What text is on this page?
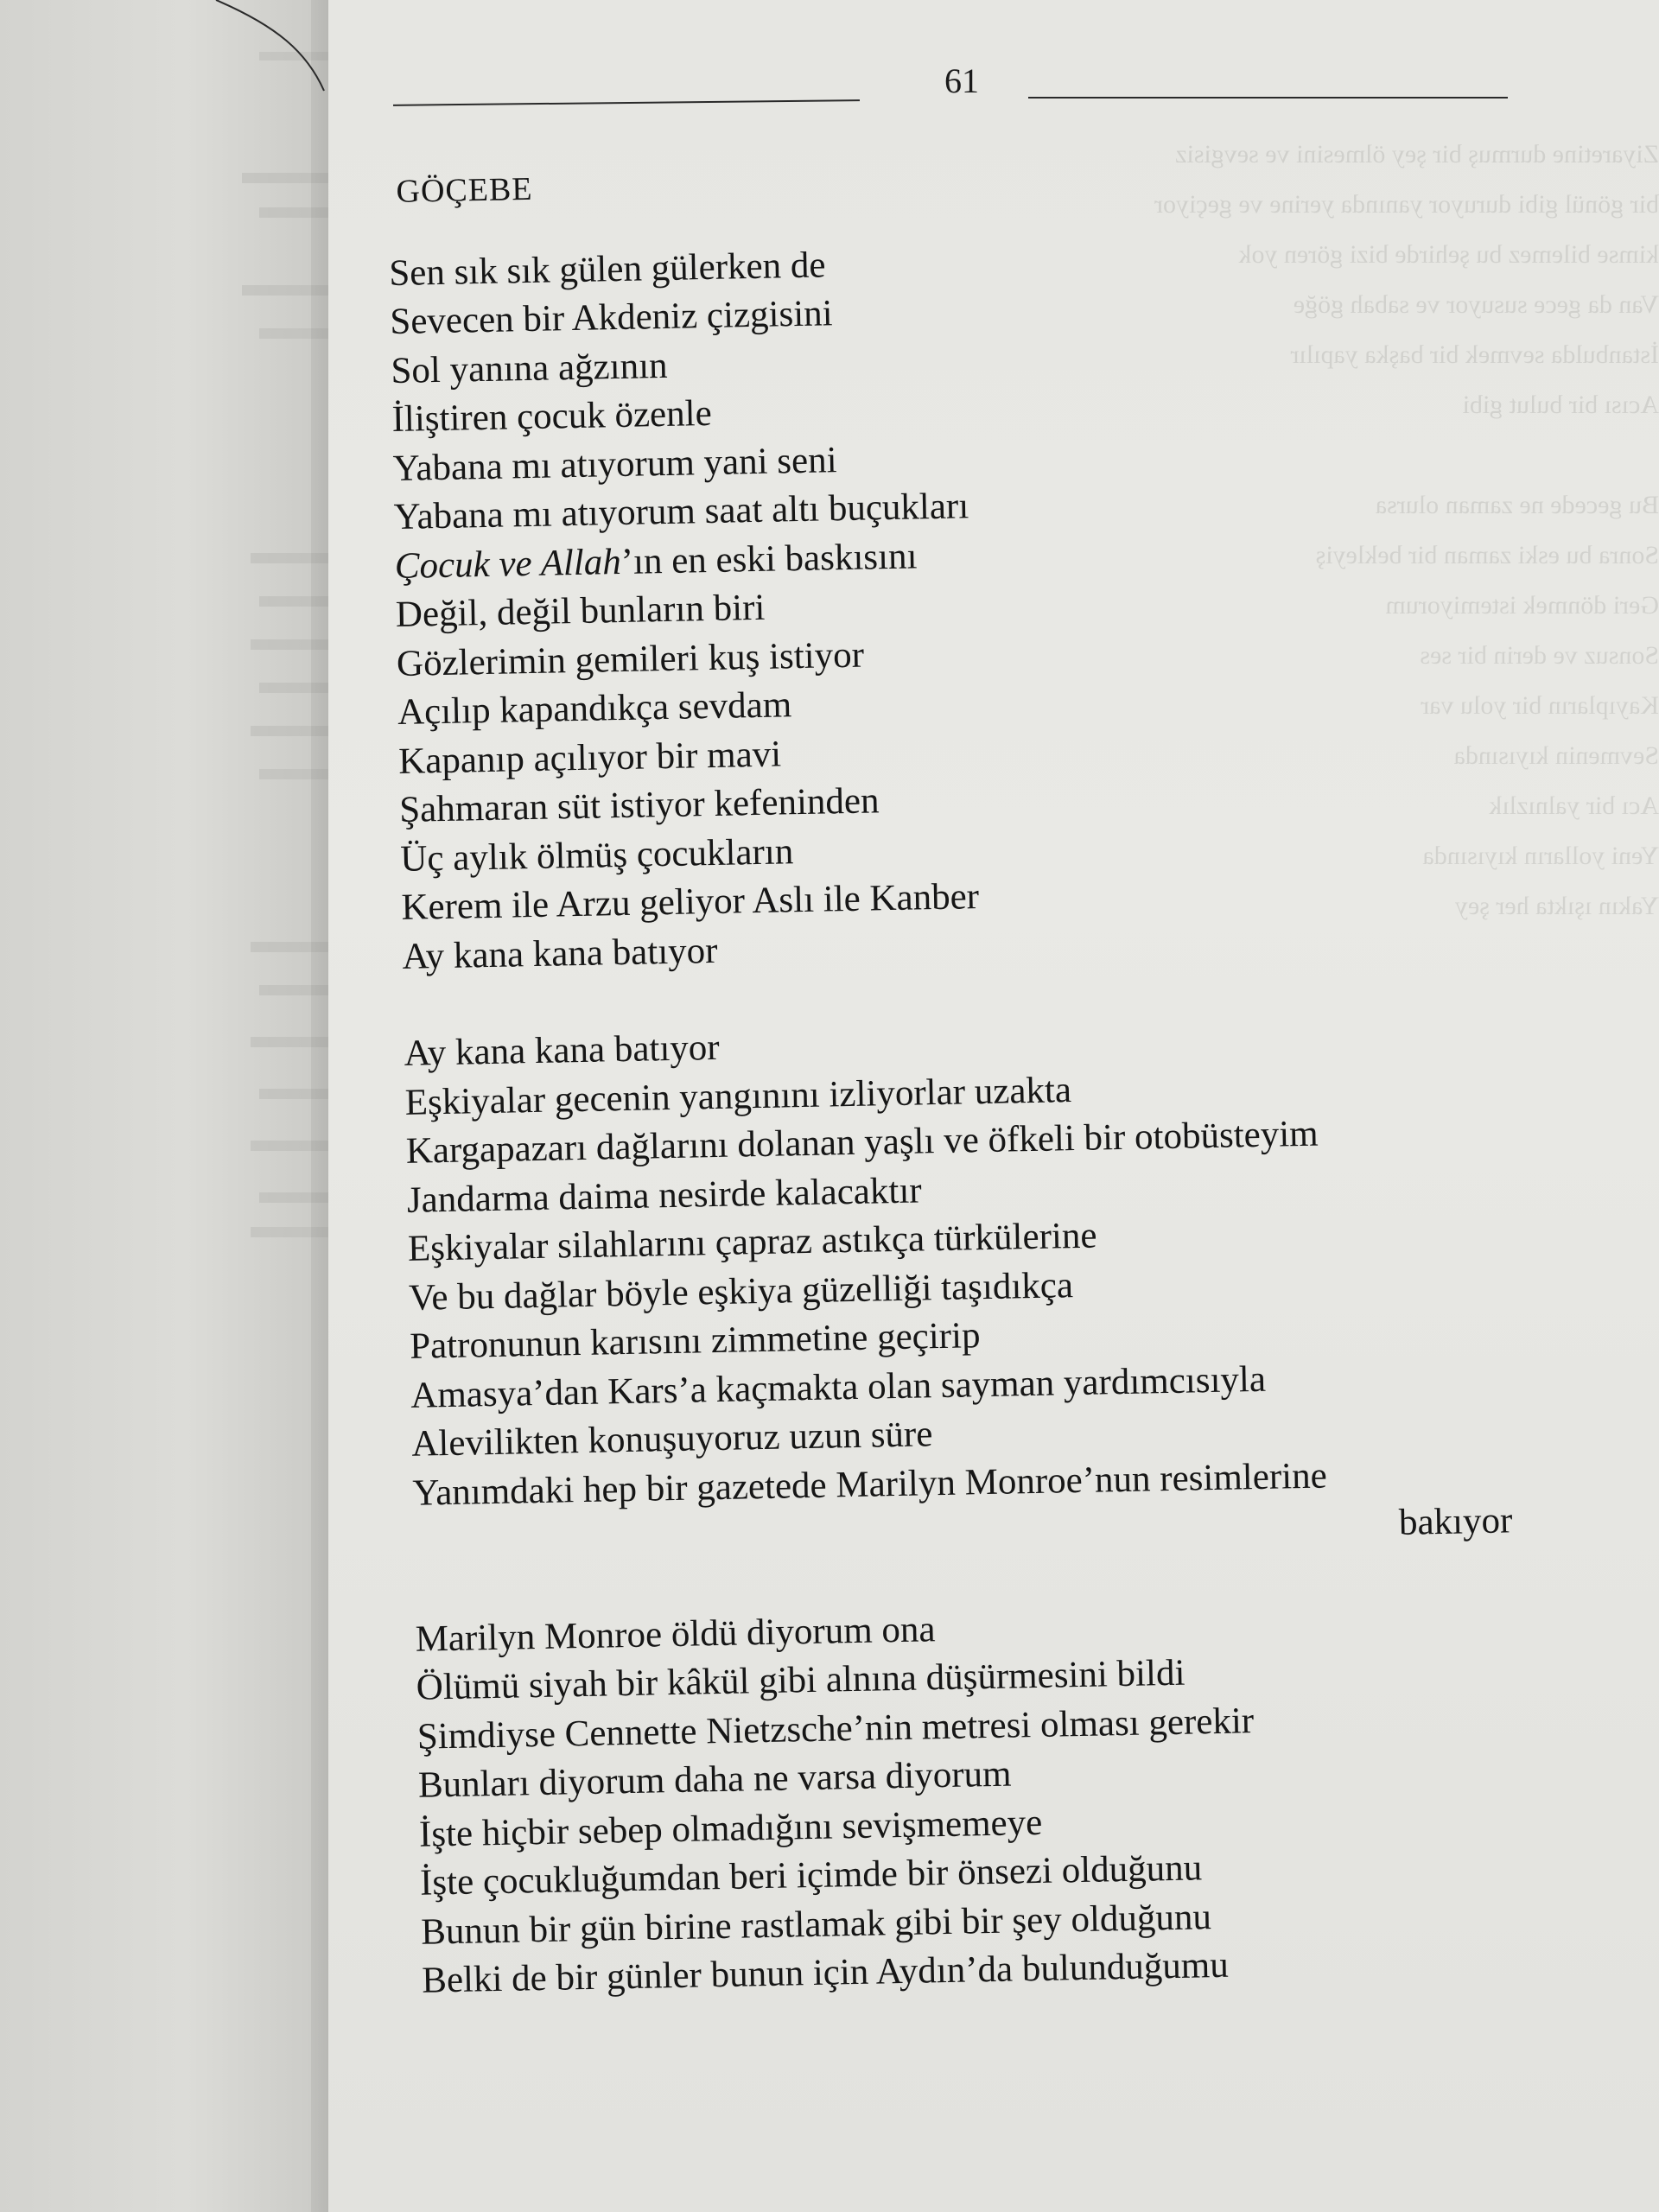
61
GÖÇEBE
Sen sık sık gülen gülerken de
Sevecen bir Akdeniz çizgisini
Sol yanına ağzının
İliştiren çocuk özenle
Yabana mı atıyorum yani seni
Yabana mı atıyorum saat altı buçukları
Çocuk ve Allah’ın en eski baskısını
Değil, değil bunların biri
Gözlerimin gemileri kuş istiyor
Açılıp kapandıkça sevdam
Kapanıp açılıyor bir mavi
Şahmaran süt istiyor kefeninden
Üç aylık ölmüş çocukların
Kerem ile Arzu geliyor Aslı ile Kanber
Ay kana kana batıyor
Ay kana kana batıyor
Eşkiyalar gecenin yangınını izliyorlar uzakta
Kargapazarı dağlarını dolanan yaşlı ve öfkeli bir otobüsteyim
Jandarma daima nesirde kalacaktır
Eşkiyalar silahlarını çapraz astıkça türkülerine
Ve bu dağlar böyle eşkiya güzelliği taşıdıkça
Patronunun karısını zimmetine geçirip
Amasya’dan Kars’a kaçmakta olan sayman yardımcısıyla
Alevilikten konuşuyoruz uzun süre
Yanımdaki hep bir gazetede Marilyn Monroe’nun resimlerine
bakıyor
Marilyn Monroe öldü diyorum ona
Ölümü siyah bir kâkül gibi alnına düşürmesini bildi
Şimdiyse Cennette Nietzsche’nin metresi olması gerekir
Bunları diyorum daha ne varsa diyorum
İşte hiçbir sebep olmadığını sevişmemeye
İşte çocukluğumdan beri içimde bir önsezi olduğunu
Bunun bir gün birine rastlamak gibi bir şey olduğunu
Belki de bir günler bunun için Aydın’da bulunduğumu
